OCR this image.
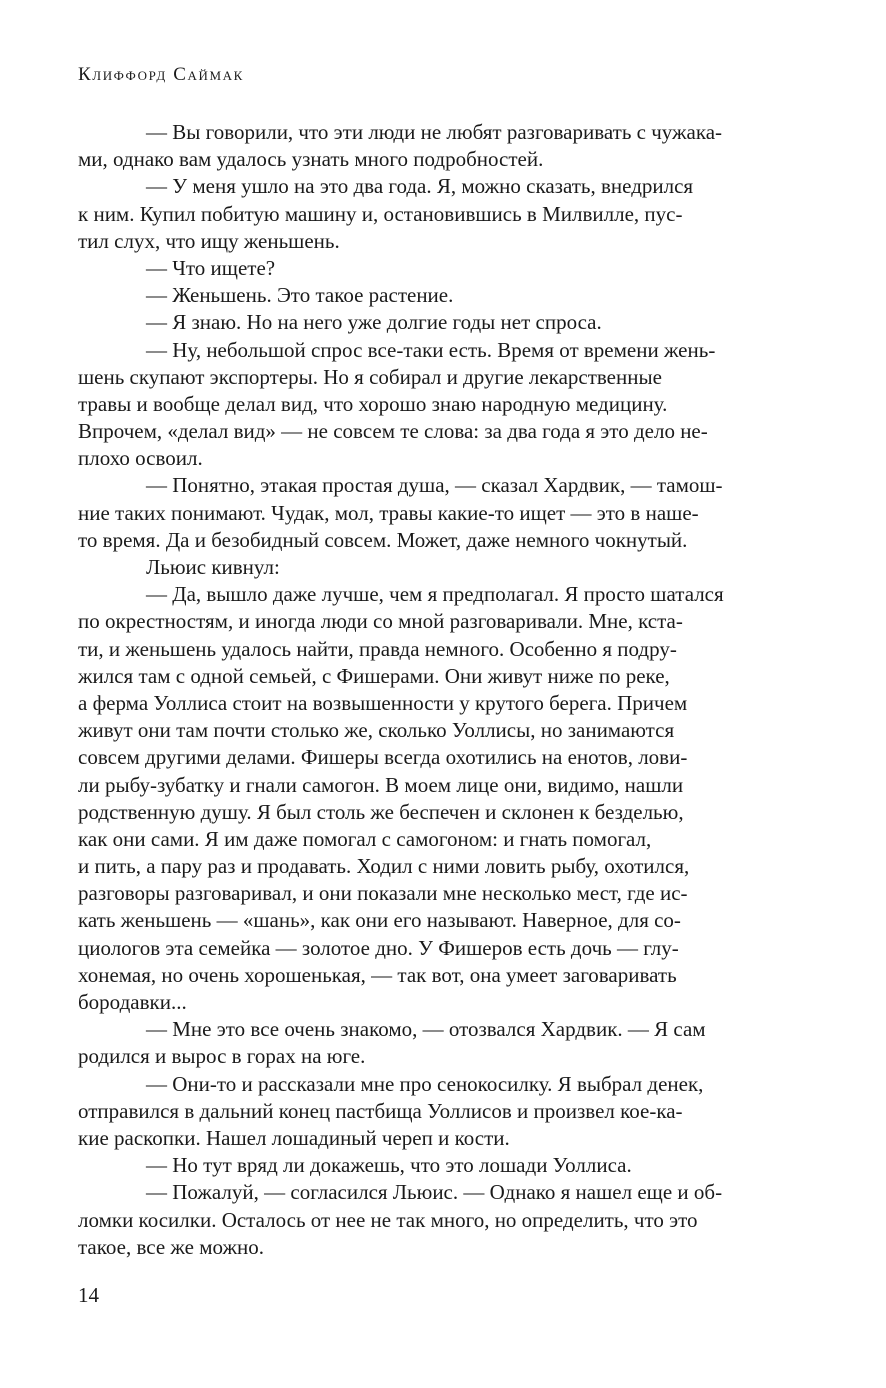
Клиффорд Саймак
— Вы говорили, что эти люди не любят разговаривать с чужака-
ми, однако вам удалось узнать много подробностей.
— У меня ушло на это два года. Я, можно сказать, внедрился
к ним. Купил побитую машину и, остановившись в Милвилле, пус-
тил слух, что ищу женьшень.
— Что ищете?
— Женьшень. Это такое растение.
— Я знаю. Но на него уже долгие годы нет спроса.
— Ну, небольшой спрос все-таки есть. Время от времени жень-
шень скупают экспортеры. Но я собирал и другие лекарственные
травы и вообще делал вид, что хорошо знаю народную медицину.
Впрочем, «делал вид» — не совсем те слова: за два года я это дело не-
плохо освоил.
— Понятно, этакая простая душа, — сказал Хардвик, — тамош-
ние таких понимают. Чудак, мол, травы какие-то ищет — это в наше-
то время. Да и безобидный совсем. Может, даже немного чокнутый.
Льюис кивнул:
— Да, вышло даже лучше, чем я предполагал. Я просто шатался
по окрестностям, и иногда люди со мной разговаривали. Мне, кста-
ти, и женьшень удалось найти, правда немного. Особенно я подру-
жился там с одной семьей, с Фишерами. Они живут ниже по реке,
а ферма Уоллиса стоит на возвышенности у крутого берега. Причем
живут они там почти столько же, сколько Уоллисы, но занимаются
совсем другими делами. Фишеры всегда охотились на енотов, лови-
ли рыбу-зубатку и гнали самогон. В моем лице они, видимо, нашли
родственную душу. Я был столь же беспечен и склонен к безделью,
как они сами. Я им даже помогал с самогоном: и гнать помогал,
и пить, а пару раз и продавать. Ходил с ними ловить рыбу, охотился,
разговоры разговаривал, и они показали мне несколько мест, где ис-
кать женьшень — «шань», как они его называют. Наверное, для со-
циологов эта семейка — золотое дно. У Фишеров есть дочь — глу-
хонемая, но очень хорошенькая, — так вот, она умеет заговаривать
бородавки...
— Мне это все очень знакомо, — отозвался Хардвик. — Я сам
родился и вырос в горах на юге.
— Они-то и рассказали мне про сенокосилку. Я выбрал денек,
отправился в дальний конец пастбища Уоллисов и произвел кое-ка-
кие раскопки. Нашел лошадиный череп и кости.
— Но тут вряд ли докажешь, что это лошади Уоллиса.
— Пожалуй, — согласился Льюис. — Однако я нашел еще и об-
ломки косилки. Осталось от нее не так много, но определить, что это
такое, все же можно.
14
